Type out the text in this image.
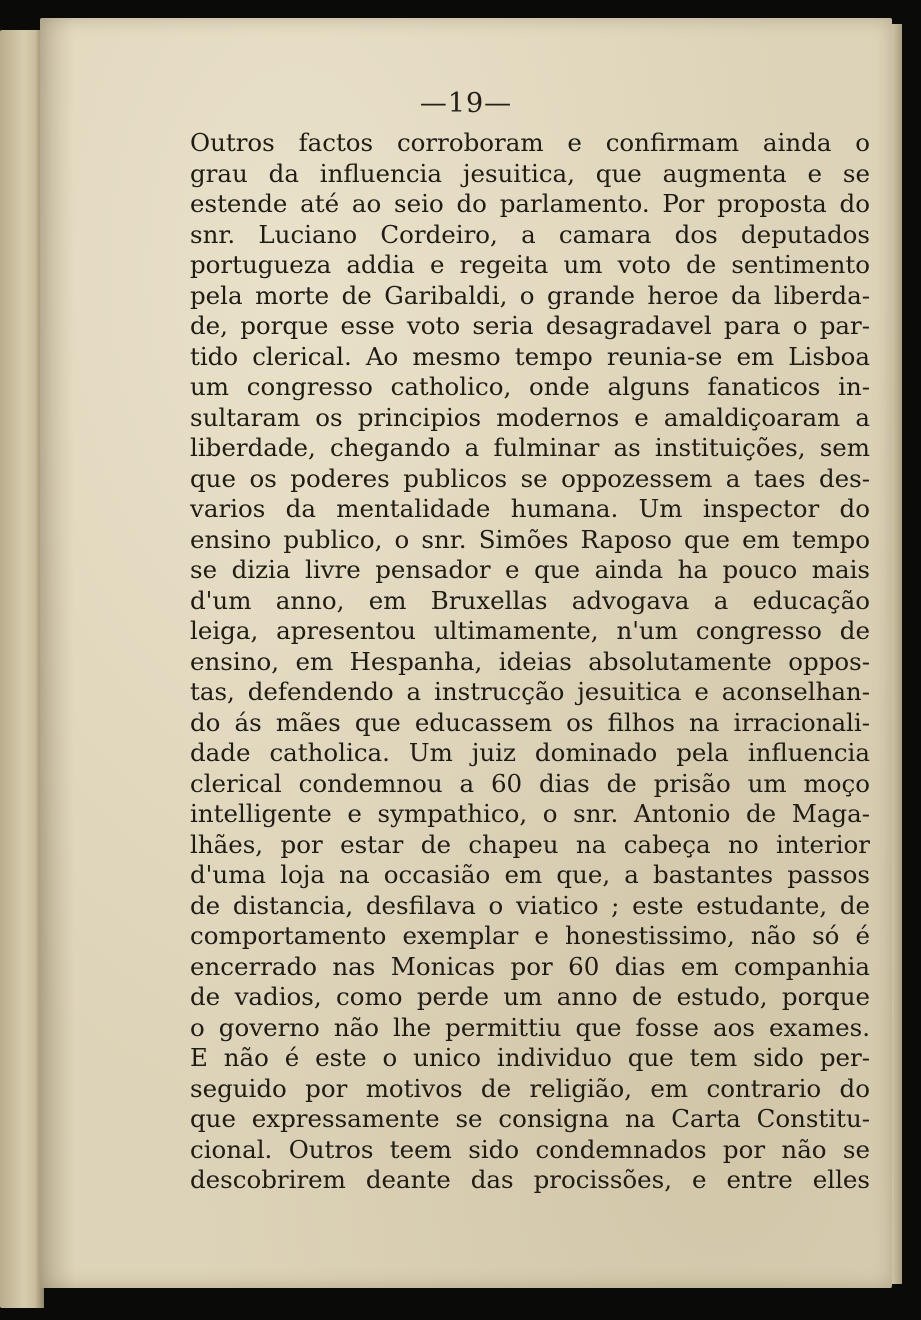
—19—
Outros factos corroboram e confirmam ainda o
grau da influencia jesuitica, que augmenta e se
estende até ao seio do parlamento. Por proposta do
snr. Luciano Cordeiro, a camara dos deputados
portugueza addia e regeita um voto de sentimento
pela morte de Garibaldi, o grande heroe da liberda-
de, porque esse voto seria desagradavel para o par-
tido clerical. Ao mesmo tempo reunia-se em Lisboa
um congresso catholico, onde alguns fanaticos in-
sultaram os principios modernos e amaldiçoaram a
liberdade, chegando a fulminar as instituições, sem
que os poderes publicos se oppozessem a taes des-
varios da mentalidade humana. Um inspector do
ensino publico, o snr. Simões Raposo que em tempo
se dizia livre pensador e que ainda ha pouco mais
d'um anno, em Bruxellas advogava a educação
leiga, apresentou ultimamente, n'um congresso de
ensino, em Hespanha, ideias absolutamente oppos-
tas, defendendo a instrucção jesuitica e aconselhan-
do ás mães que educassem os filhos na irracionali-
dade catholica. Um juiz dominado pela influencia
clerical condemnou a 60 dias de prisão um moço
intelligente e sympathico, o snr. Antonio de Maga-
lhães, por estar de chapeu na cabeça no interior
d'uma loja na occasião em que, a bastantes passos
de distancia, desfilava o viatico ; este estudante, de
comportamento exemplar e honestissimo, não só é
encerrado nas Monicas por 60 dias em companhia
de vadios, como perde um anno de estudo, porque
o governo não lhe permittiu que fosse aos exames.
E não é este o unico individuo que tem sido per-
seguido por motivos de religião, em contrario do
que expressamente se consigna na Carta Constitu-
cional. Outros teem sido condemnados por não se
descobrirem deante das procissões, e entre elles
